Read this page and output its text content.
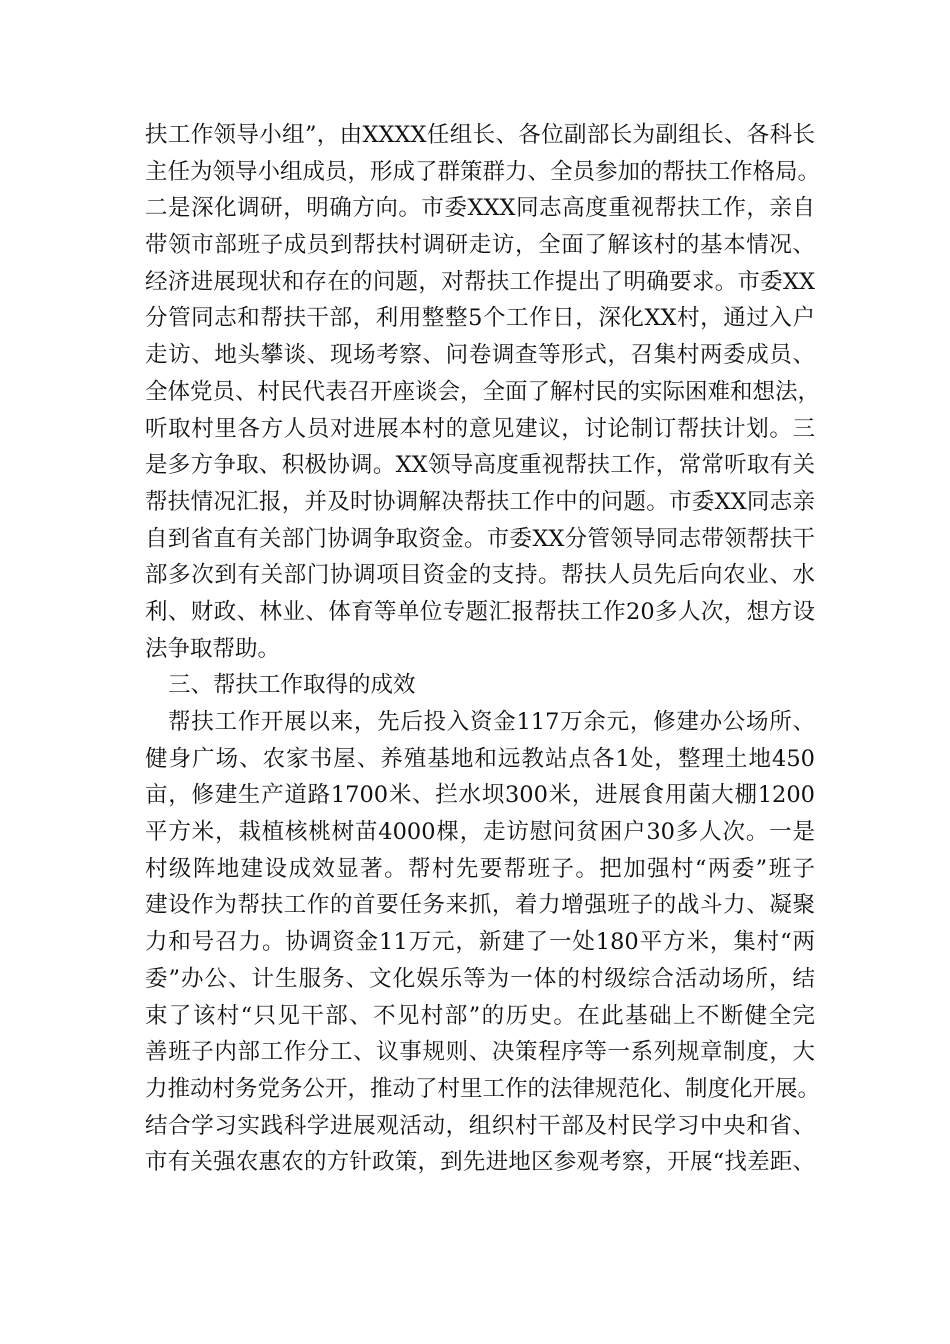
扶工作领导小组”，由XXXX任组长、各位副部长为副组长、各科长
主任为领导小组成员，形成了群策群力、全员参加的帮扶工作格局。
二是深化调研，明确方向。市委XXX同志高度重视帮扶工作，亲自
带领市部班子成员到帮扶村调研走访，全面了解该村的基本情况、
经济进展现状和存在的问题，对帮扶工作提出了明确要求。市委XX
分管同志和帮扶干部，利用整整5个工作日，深化XX村，通过入户
走访、地头攀谈、现场考察、问卷调查等形式，召集村两委成员、
全体党员、村民代表召开座谈会，全面了解村民的实际困难和想法，
听取村里各方人员对进展本村的意见建议，讨论制订帮扶计划。三
是多方争取、积极协调。XX领导高度重视帮扶工作，常常听取有关
帮扶情况汇报，并及时协调解决帮扶工作中的问题。市委XX同志亲
自到省直有关部门协调争取资金。市委XX分管领导同志带领帮扶干
部多次到有关部门协调项目资金的支持。帮扶人员先后向农业、水
利、财政、林业、体育等单位专题汇报帮扶工作20多人次，想方设
法争取帮助。
三、帮扶工作取得的成效
帮扶工作开展以来，先后投入资金117万余元，修建办公场所、
健身广场、农家书屋、养殖基地和远教站点各1处，整理土地450
亩，修建生产道路1700米、拦水坝300米，进展食用菌大棚1200
平方米，栽植核桃树苗4000棵，走访慰问贫困户30多人次。一是
村级阵地建设成效显著。帮村先要帮班子。把加强村“两委”班子
建设作为帮扶工作的首要任务来抓，着力增强班子的战斗力、凝聚
力和号召力。协调资金11万元，新建了一处180平方米，集村“两
委”办公、计生服务、文化娱乐等为一体的村级综合活动场所，结
束了该村“只见干部、不见村部”的历史。在此基础上不断健全完
善班子内部工作分工、议事规则、决策程序等一系列规章制度，大
力推动村务党务公开，推动了村里工作的法律规范化、制度化开展。
结合学习实践科学进展观活动，组织村干部及村民学习中央和省、
市有关强农惠农的方针政策，到先进地区参观考察，开展“找差距、
